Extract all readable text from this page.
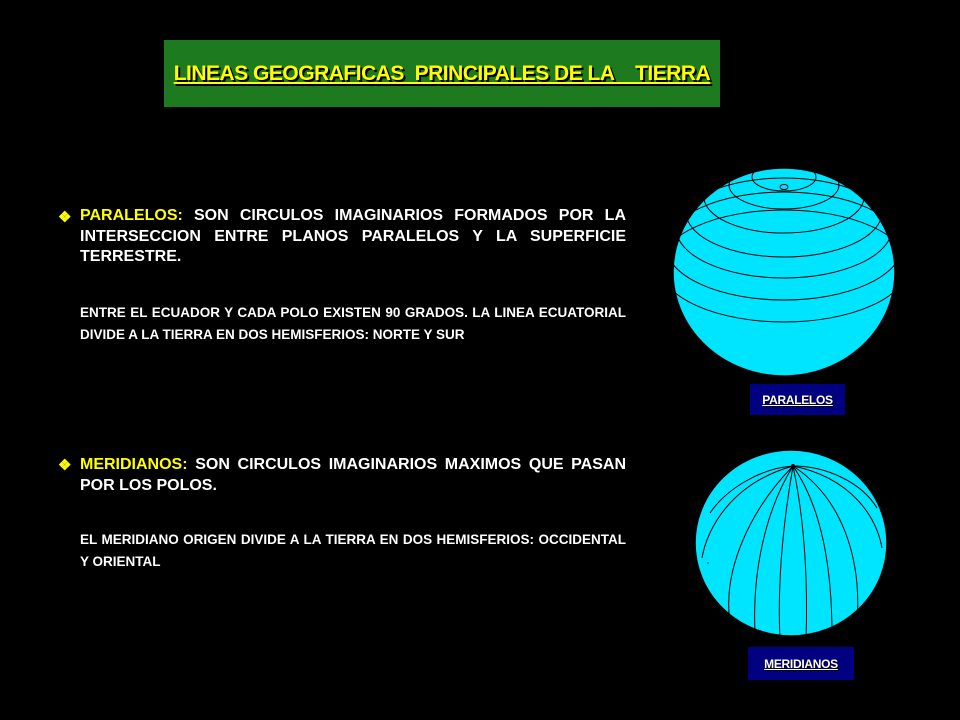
LINEAS GEOGRAFICAS  PRINCIPALES DE LA    TIERRA
❖ PARALELOS: SON CIRCULOS IMAGINARIOS FORMADOS POR LA INTERSECCION ENTRE PLANOS PARALELOS Y LA SUPERFICIE TERRESTRE.
ENTRE EL ECUADOR Y CADA POLO EXISTEN 90 GRADOS. LA LINEA ECUATORIAL DIVIDE A LA TIERRA EN DOS HEMISFERIOS: NORTE Y SUR
❖ MERIDIANOS: SON CIRCULOS IMAGINARIOS MAXIMOS QUE PASAN POR LOS POLOS.
EL MERIDIANO ORIGEN DIVIDE A LA TIERRA EN DOS HEMISFERIOS: OCCIDENTAL Y ORIENTAL
PARALELOS
MERIDIANOS
